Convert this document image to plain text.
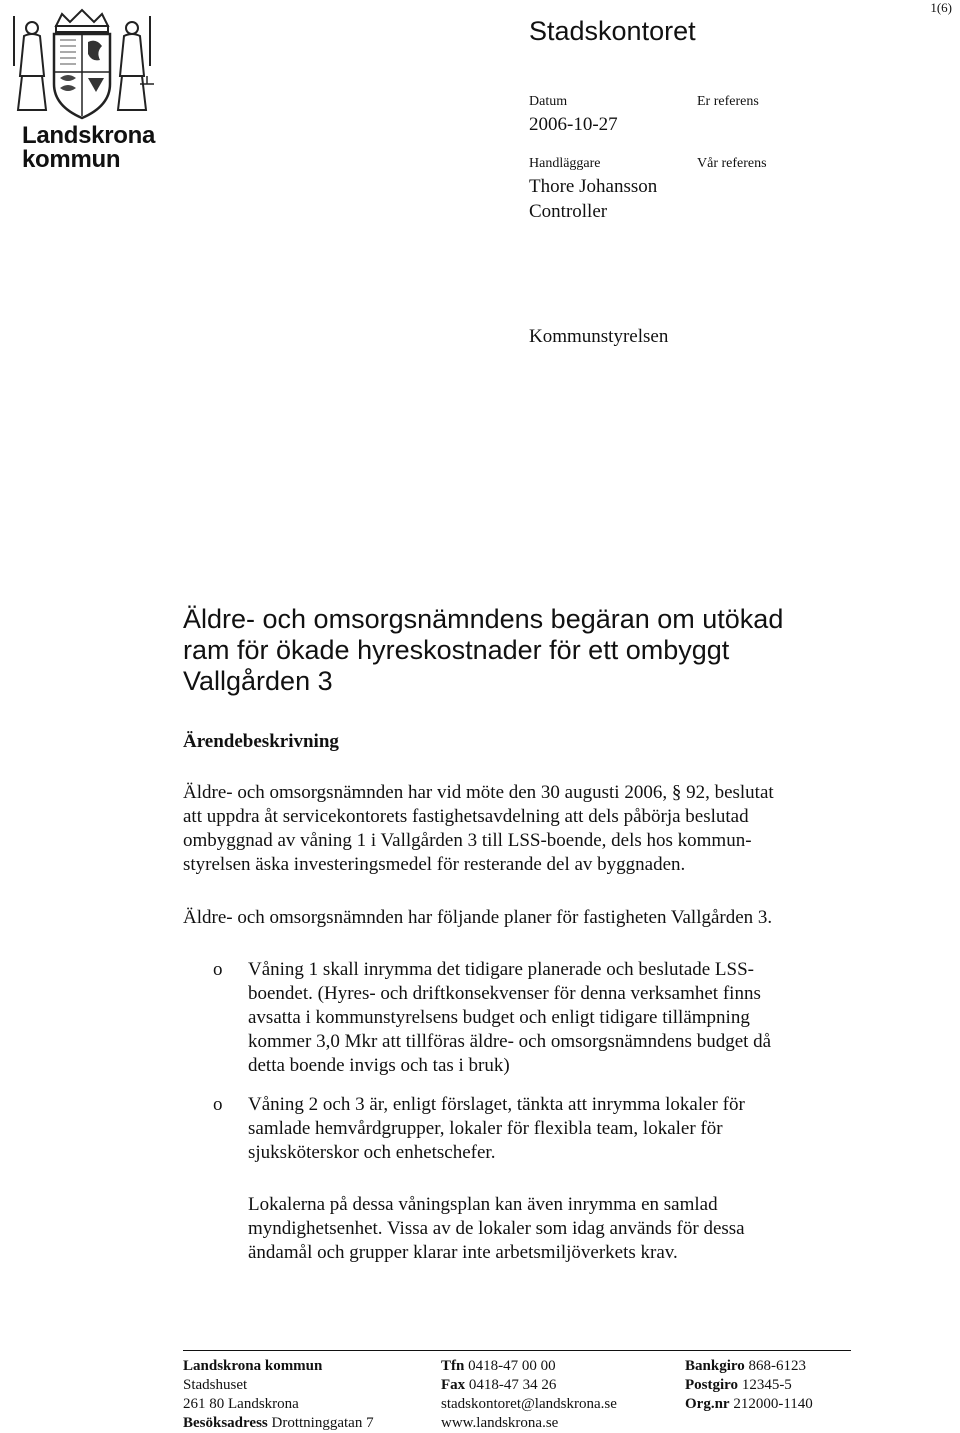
Landskrona
kommun
1(6)
Stadskontoret
Datum
2006-10-27
Er referens
Handläggare
Thore Johansson
Controller
Vår referens
Kommunstyrelsen
Äldre- och omsorgsnämndens begäran om utökad
ram för ökade hyreskostnader för ett ombyggt
Vallgården 3
Ärendebeskrivning
Äldre- och omsorgsnämnden har vid möte den 30 augusti 2006, § 92, beslutat
att uppdra åt servicekontorets fastighetsavdelning att dels påbörja beslutad
ombyggnad av våning 1 i Vallgården 3 till LSS-boende, dels hos kommun-
styrelsen äska investeringsmedel för resterande del av byggnaden.
Äldre- och omsorgsnämnden har följande planer för fastigheten Vallgården 3.
o Våning 1 skall inrymma det tidigare planerade och beslutade LSS-
boendet. (Hyres- och driftkonsekvenser för denna verksamhet finns
avsatta i kommunstyrelsens budget och enligt tidigare tillämpning
kommer 3,0 Mkr att tillföras äldre- och omsorgsnämndens budget då
detta boende invigs och tas i bruk)
o Våning 2 och 3 är, enligt förslaget, tänkta att inrymma lokaler för
samlade hemvårdgrupper, lokaler för flexibla team, lokaler för
sjuksköterskor och enhetschefer.
Lokalerna på dessa våningsplan kan även inrymma en samlad
myndighetsenhet. Vissa av de lokaler som idag används för dessa
ändamål och grupper klarar inte arbetsmiljöverkets krav.
Landskrona kommun
Stadshuset
261 80 Landskrona
Besöksadress Drottninggatan 7
Tfn 0418-47 00 00
Fax 0418-47 34 26
stadskontoret@landskrona.se
www.landskrona.se
Bankgiro 868-6123
Postgiro 12345-5
Org.nr 212000-1140
